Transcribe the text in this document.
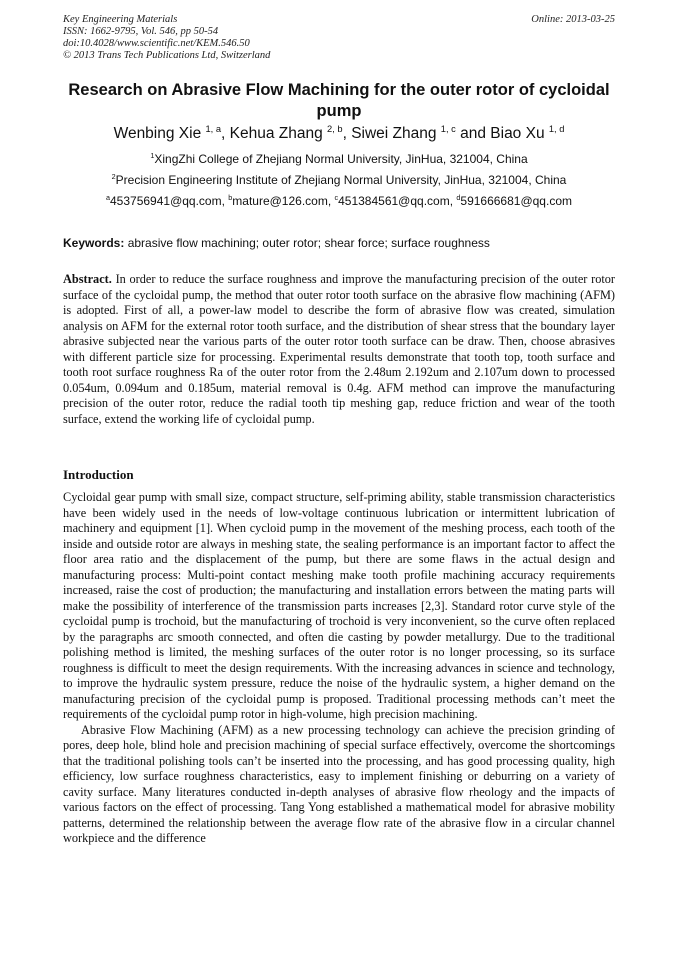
Key Engineering Materials
ISSN: 1662-9795, Vol. 546, pp 50-54
doi:10.4028/www.scientific.net/KEM.546.50
© 2013 Trans Tech Publications Ltd, Switzerland
Online: 2013-03-25
Research on Abrasive Flow Machining for the outer rotor of cycloidal pump
Wenbing Xie $^{1, a}$, Kehua Zhang $^{2, b}$, Siwei Zhang $^{1, c}$ and Biao Xu $^{1, d}$
$^1$XingZhi College of Zhejiang Normal University, JinHua, 321004, China
$^2$Precision Engineering Institute of Zhejiang Normal University, JinHua, 321004, China
$^a$453756941@qq.com, $^b$mature@126.com, $^c$451384561@qq.com, $^d$591666681@qq.com
Keywords: abrasive flow machining; outer rotor; shear force; surface roughness
Abstract. In order to reduce the surface roughness and improve the manufacturing precision of the outer rotor surface of the cycloidal pump, the method that outer rotor tooth surface on the abrasive flow machining (AFM) is adopted. First of all, a power-law model to describe the form of abrasive flow was created, simulation analysis on AFM for the external rotor tooth surface, and the distribution of shear stress that the boundary layer abrasive subjected near the various parts of the outer rotor tooth surface can be draw. Then, choose abrasives with different particle size for processing. Experimental results demonstrate that tooth top, tooth surface and tooth root surface roughness Ra of the outer rotor from the 2.48um 2.192um and 2.107um down to processed 0.054um, 0.094um and 0.185um, material removal is 0.4g. AFM method can improve the manufacturing precision of the outer rotor, reduce the radial tooth tip meshing gap, reduce friction and wear of the tooth surface, extend the working life of cycloidal pump.
Introduction

Cycloidal gear pump with small size, compact structure, self-priming ability, stable transmission characteristics have been widely used in the needs of low-voltage continuous lubrication or intermittent lubrication of machinery and equipment [1]. When cycloid pump in the movement of the meshing process, each tooth of the inside and outside rotor are always in meshing state, the sealing performance is an important factor to affect the floor area ratio and the displacement of the pump, but there are some flaws in the actual design and manufacturing process: Multi-point contact meshing make tooth profile machining accuracy requirements increased, raise the cost of production; the manufacturing and installation errors between the mating parts will make the possibility of interference of the transmission parts increases [2,3]. Standard rotor curve style of the cycloidal pump is trochoid, but the manufacturing of trochoid is very inconvenient, so the curve often replaced by the paragraphs arc smooth connected, and often die casting by powder metallurgy. Due to the traditional polishing method is limited, the meshing surfaces of the outer rotor is no longer processing, so its surface roughness is difficult to meet the design requirements. With the increasing advances in science and technology, to improve the hydraulic system pressure, reduce the noise of the hydraulic system, a higher demand on the manufacturing precision of the cycloidal pump is proposed. Traditional processing methods can’t meet the requirements of the cycloidal pump rotor in high-volume, high precision machining.

Abrasive Flow Machining (AFM) as a new processing technology can achieve the precision grinding of pores, deep hole, blind hole and precision machining of special surface effectively, overcome the shortcomings that the traditional polishing tools can’t be inserted into the processing, and has good processing quality, high efficiency, low surface roughness characteristics, easy to implement finishing or deburring on a variety of cavity surface. Many literatures conducted in-depth analyses of abrasive flow rheology and the impacts of various factors on the effect of processing. Tang Yong established a mathematical model for abrasive mobility patterns, determined the relationship between the average flow rate of the abrasive flow in a circular channel workpiece and the difference
